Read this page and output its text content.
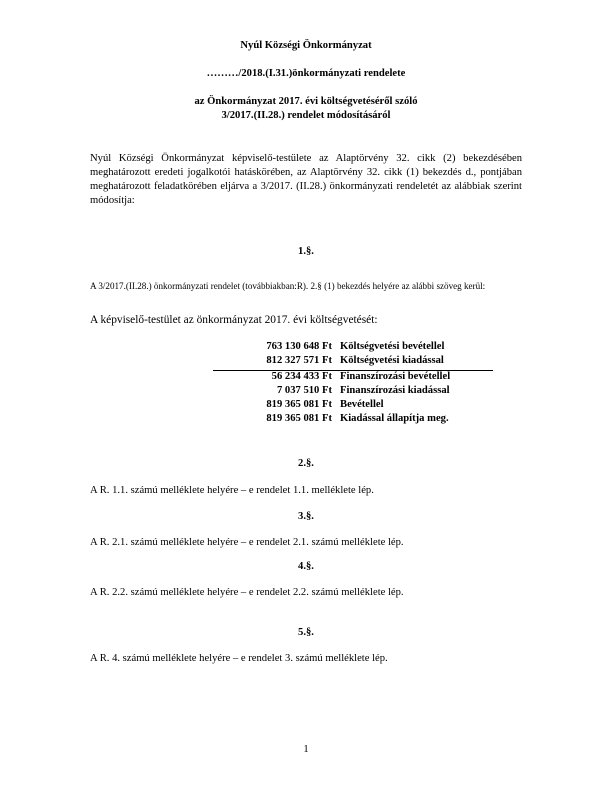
Nyúl Községi Önkormányzat
………/2018.(I.31.)önkormányzati rendelete
az Önkormányzat 2017. évi költségvetéséről szóló
3/2017.(II.28.) rendelet módosításáról
Nyúl Községi Önkormányzat képviselő-testülete az Alaptörvény 32. cikk (2) bekezdésében meghatározott eredeti jogalkotói hatáskörében, az Alaptörvény 32. cikk (1) bekezdés d., pontjában meghatározott feladatkörében eljárva a 3/2017. (II.28.) önkormányzati rendeletét az alábbiak szerint módosítja:
1.§.
A 3/2017.(II.28.) önkormányzati rendelet (továbbiakban:R). 2.§ (1) bekezdés helyére az alábbi szöveg kerül:
A képviselő-testület az önkormányzat 2017. évi költségvetését:
763 130 648 Ft Költségvetési bevétellel
812 327 571 Ft Költségvetési kiadással
56 234 433 Ft Finanszírozási bevétellel
7 037 510 Ft Finanszírozási kiadással
819 365 081 Ft Bevétellel
819 365 081 Ft Kiadással állapítja meg.
2.§.
A R. 1.1. számú melléklete helyére – e rendelet 1.1. melléklete lép.
3.§.
A R. 2.1. számú melléklete helyére – e rendelet 2.1. számú melléklete lép.
4.§.
A R. 2.2. számú melléklete helyére – e rendelet 2.2. számú melléklete lép.
5.§.
A R. 4. számú melléklete helyére – e rendelet 3. számú melléklete lép.
1
